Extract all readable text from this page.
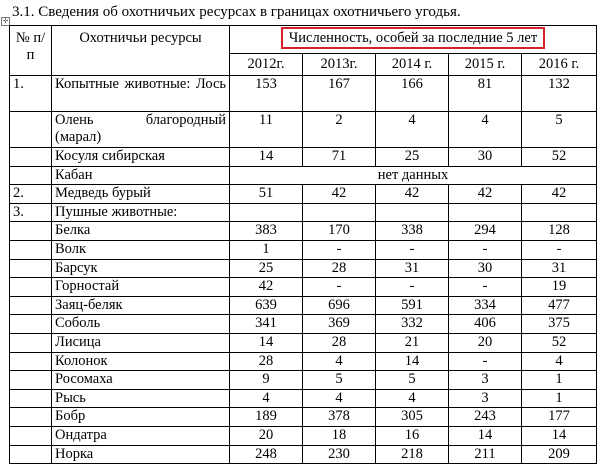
3.1. Сведения об охотничьих ресурсах в границах охотничьего угодья.
✛
№ п/п	Охотничьи ресурсы	Численность, особей за последние 5 лет				
		2012г.	2013г.	2014 г.	2015 г.	2016 г.
1.	Копытные животные: Лось	153	167	166	81	132
	Олень благородный (марал)	11	2	4	4	5
	Косуля сибирская	14	71	25	30	52
	Кабан	нет данных				
2.	Медведь бурый	51	42	42	42	42
3.	Пушные животные:					
	Белка	383	170	338	294	128
	Волк	1	-	-	-	-
	Барсук	25	28	31	30	31
	Горностай	42	-	-	-	19
	Заяц-беляк	639	696	591	334	477
	Соболь	341	369	332	406	375
	Лисица	14	28	21	20	52
	Колонок	28	4	14	-	4
	Росомаха	9	5	5	3	1
	Рысь	4	4	4	3	1
	Бобр	189	378	305	243	177
	Ондатра	20	18	16	14	14
	Норка	248	230	218	211	209
